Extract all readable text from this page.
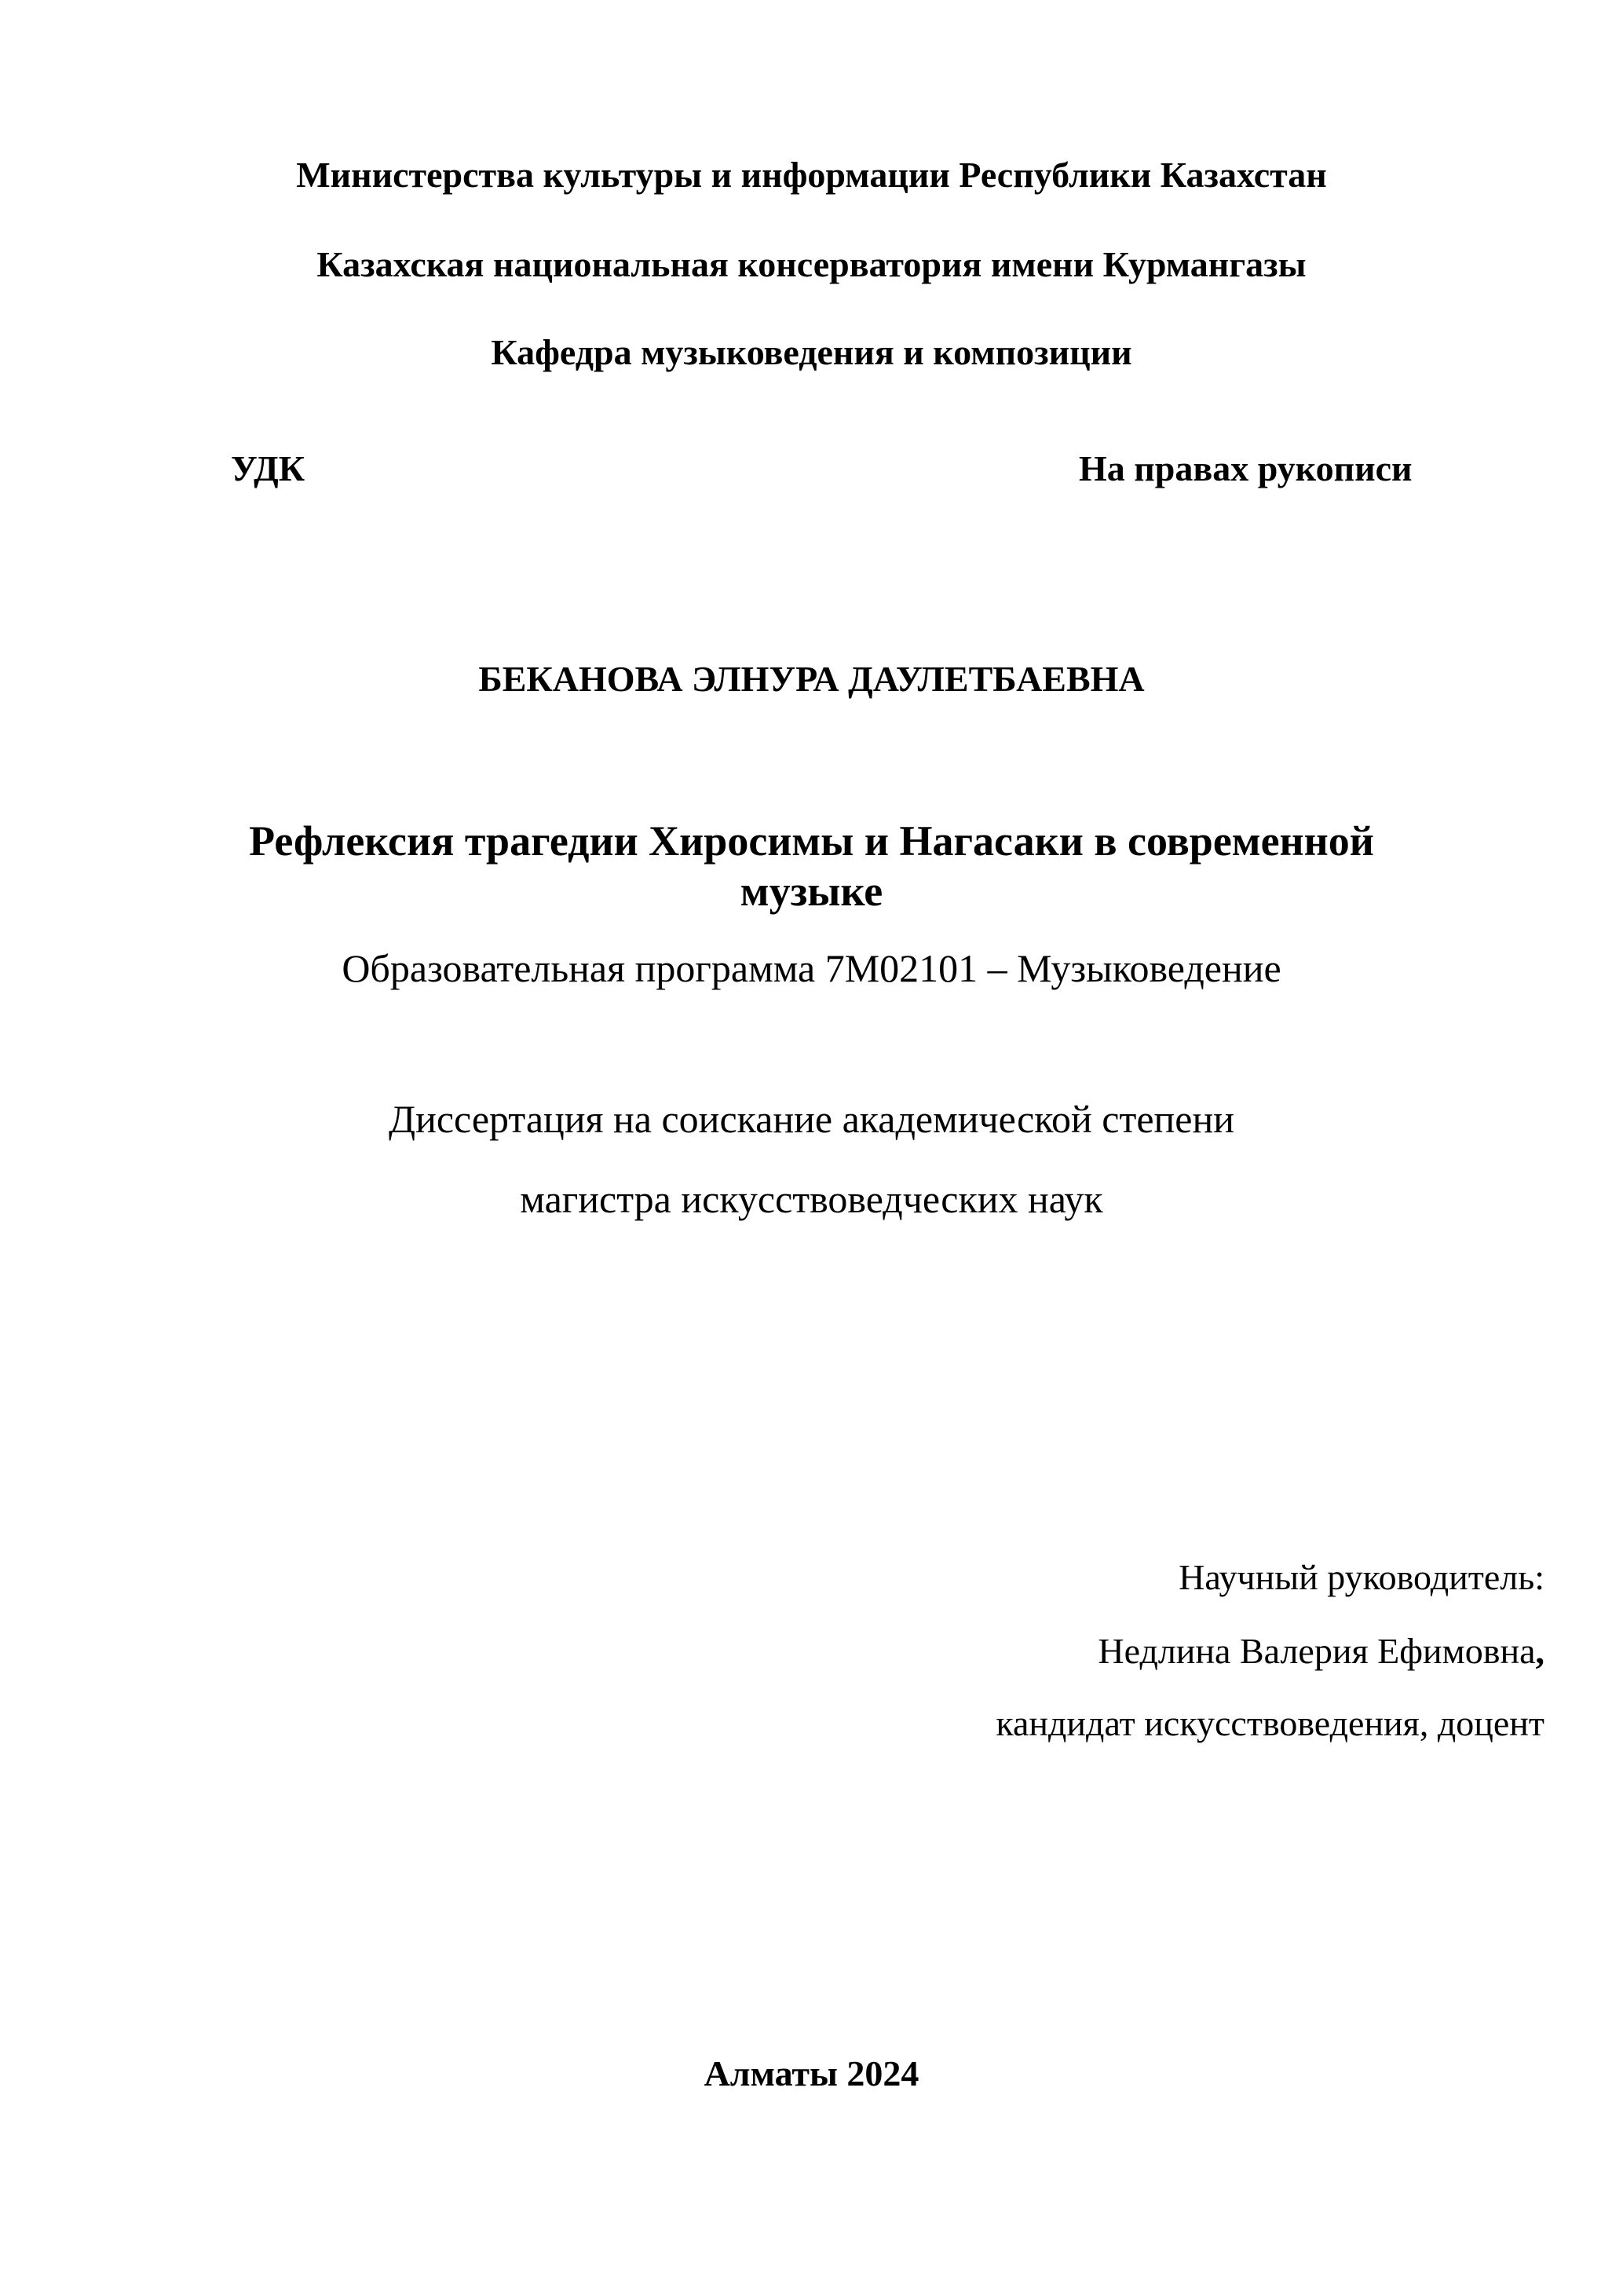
Министерства культуры и информации Республики Казахстан
Казахская национальная консерватория имени Курмангазы
Кафедра музыковедения и композиции
УДК	На правах рукописи
БЕКАНОВА ЭЛНУРА ДАУЛЕТБАЕВНА
Рефлексия трагедии Хиросимы и Нагасаки в современной
музыке
Образовательная программа 7М02101 – Музыковедение
Диссертация на соискание академической степени
магистра искусствоведческих наук
Научный руководитель:
Недлина Валерия Ефимовна,
кандидат искусствоведения, доцент
Алматы 2024
